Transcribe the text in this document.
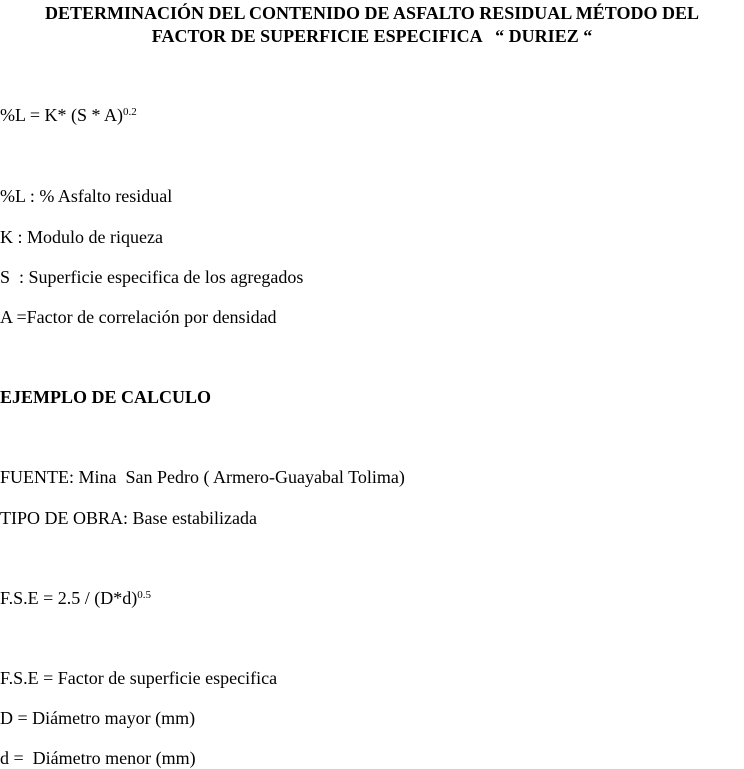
DETERMINACIÓN DEL CONTENIDO DE ASFALTO RESIDUAL MÉTODO DEL
FACTOR DE SUPERFICIE ESPECIFICA   “ DURIEZ “
%L = K* (S * A)$^{0.2}$
%L : % Asfalto residual
K : Modulo de riqueza
S  : Superficie especifica de los agregados
A =Factor de correlación por densidad
EJEMPLO DE CALCULO
FUENTE: Mina  San Pedro ( Armero-Guayabal Tolima)
TIPO DE OBRA: Base estabilizada
$F.S.E = 2.5 / (D*d)^{0.5}$
F.S.E = Factor de superficie especifica
D = Diámetro mayor (mm)
d =  Diámetro menor (mm)
